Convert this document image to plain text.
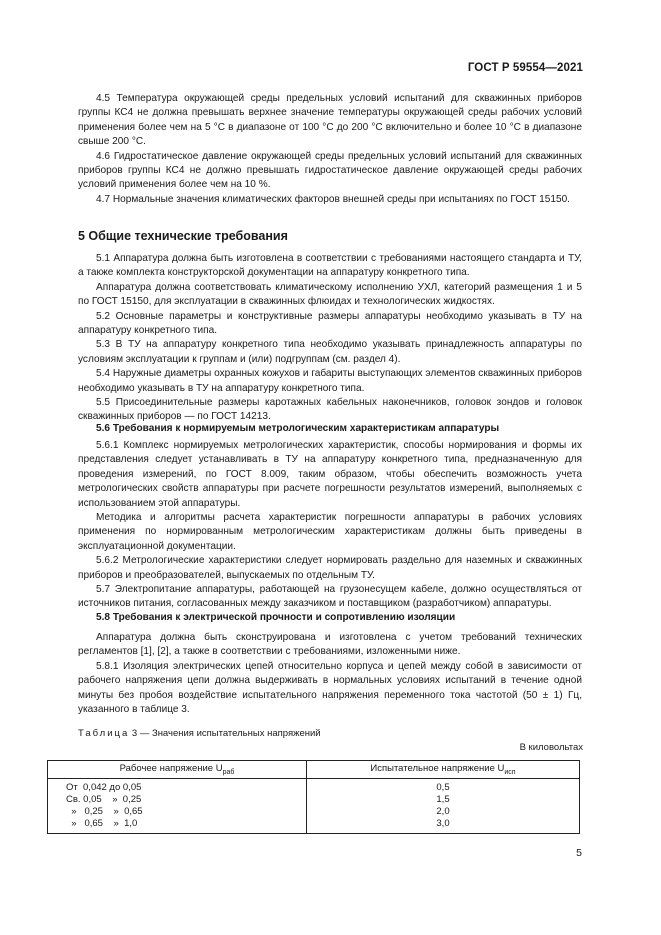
ГОСТ Р 59554—2021

4.5 Температура окружающей среды предельных условий испытаний для скважинных приборов группы КС4 не должна превышать верхнее значение температуры окружающей среды рабочих условий применения более чем на 5 °С в диапазоне от 100 °С до 200 °С включительно и более 10 °С в диапазоне свыше 200 °С.

4.6 Гидростатическое давление окружающей среды предельных условий испытаний для скважинных приборов группы КС4 не должно превышать гидростатическое давление окружающей среды рабочих условий применения более чем на 10 %.

4.7 Нормальные значения климатических факторов внешней среды при испытаниях по ГОСТ 15150.

5 Общие технические требования

5.1 Аппаратура должна быть изготовлена в соответствии с требованиями настоящего стандарта и ТУ, а также комплекта конструкторской документации на аппаратуру конкретного типа.

Аппаратура должна соответствовать климатическому исполнению УХЛ, категорий размещения 1 и 5 по ГОСТ 15150, для эксплуатации в скважинных флюидах и технологических жидкостях.

5.2 Основные параметры и конструктивные размеры аппаратуры необходимо указывать в ТУ на аппаратуру конкретного типа.

5.3 В ТУ на аппаратуру конкретного типа необходимо указывать принадлежность аппаратуры по условиям эксплуатации к группам и (или) подгруппам (см. раздел 4).

5.4 Наружные диаметры охранных кожухов и габариты выступающих элементов скважинных приборов необходимо указывать в ТУ на аппаратуру конкретного типа.

5.5 Присоединительные размеры каротажных кабельных наконечников, головок зондов и головок скважинных приборов — по ГОСТ 14213.

5.6 Требования к нормируемым метрологическим характеристикам аппаратуры

5.6.1 Комплекс нормируемых метрологических характеристик, способы нормирования и формы их представления следует устанавливать в ТУ на аппаратуру конкретного типа, предназначенную для проведения измерений, по ГОСТ 8.009, таким образом, чтобы обеспечить возможность учета метрологических свойств аппаратуры при расчете погрешности результатов измерений, выполняемых с использованием этой аппаратуры.

Методика и алгоритмы расчета характеристик погрешности аппаратуры в рабочих условиях применения по нормированным метрологическим характеристикам должны быть приведены в эксплуатационной документации.

5.6.2 Метрологические характеристики следует нормировать раздельно для наземных и скважинных приборов и преобразователей, выпускаемых по отдельным ТУ.

5.7 Электропитание аппаратуры, работающей на грузонесущем кабеле, должно осуществляться от источников питания, согласованных между заказчиком и поставщиком (разработчиком) аппаратуры.

5.8 Требования к электрической прочности и сопротивлению изоляции

Аппаратура должна быть сконструирована и изготовлена с учетом требований технических регламентов [1], [2], а также в соответствии с требованиями, изложенными ниже.

5.8.1 Изоляция электрических цепей относительно корпуса и цепей между собой в зависимости от рабочего напряжения цепи должна выдерживать в нормальных условиях испытаний в течение одной минуты без пробоя воздействие испытательного напряжения переменного тока частотой (50 ± 1) Гц, указанного в таблице 3.

Таблица 3 — Значения испытательных напряжений
В киловольтах
Рабочее напряжение $U_{раб}$	Испытательное напряжение $U_{исп}$
От  0,042 до 0,05	0,5
Св. 0,05    »  0,25	1,5
»   0,25    »  0,65	2,0
»   0,65    »  1,0	3,0
5
